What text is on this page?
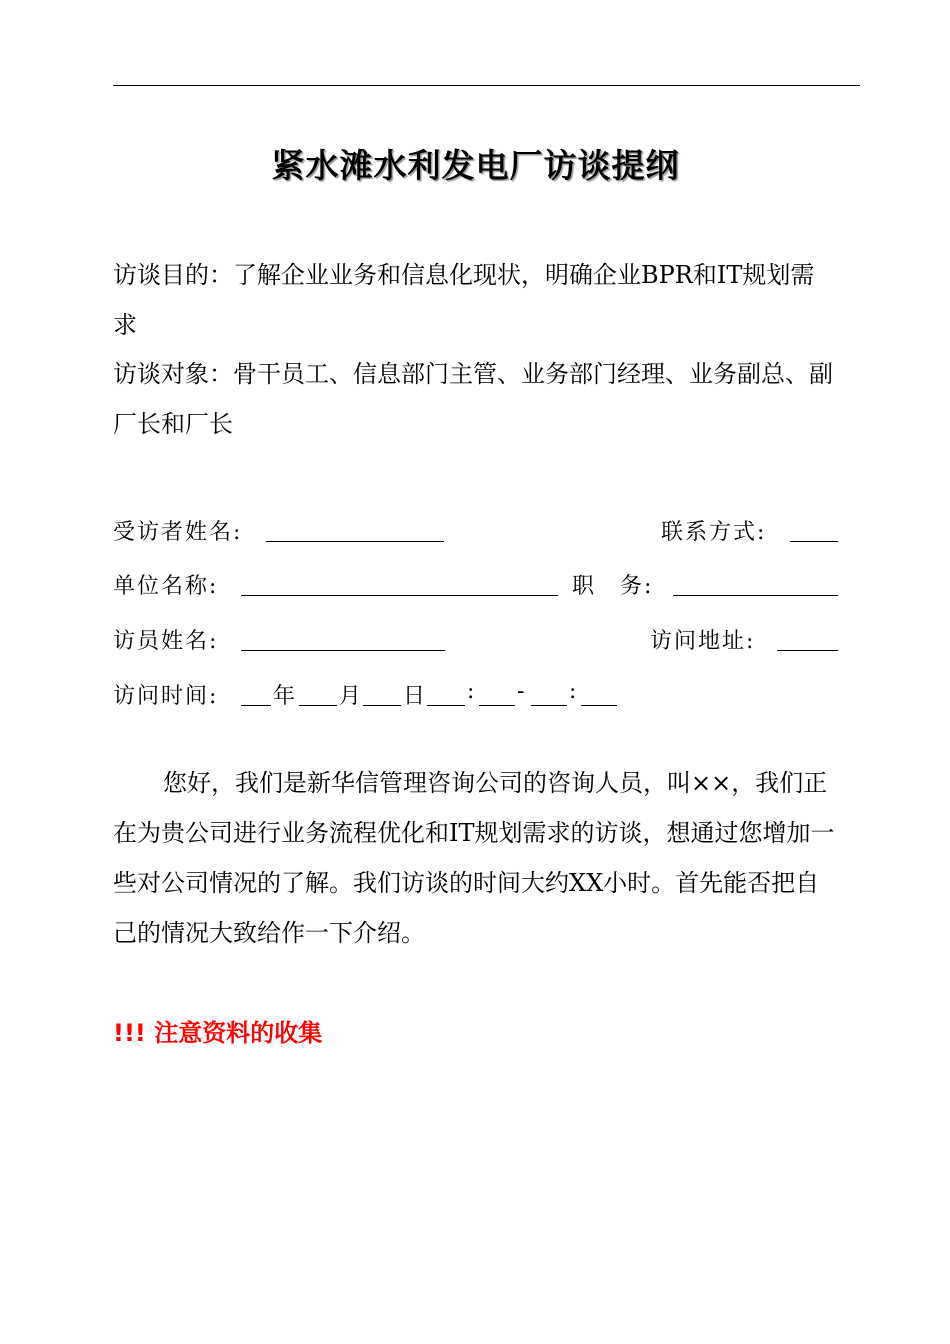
紧水滩水利发电厂访谈提纲

访谈目的：了解企业业务和信息化现状，明确企业BPR和IT规划需求

访谈对象：骨干员工、信息部门主管、业务部门经理、业务副总、副厂长和厂长

受访者姓名:	联系方式:
单位名称:	职　务:
访员姓名:	访问地址:
访问时间: 年 月 日 : - :

您好，我们是新华信管理咨询公司的咨询人员，叫××，我们正在为贵公司进行业务流程优化和IT规划需求的访谈，想通过您增加一些对公司情况的了解。我们访谈的时间大约XX小时。首先能否把自己的情况大致给作一下介绍。

!!! 注意资料的收集
